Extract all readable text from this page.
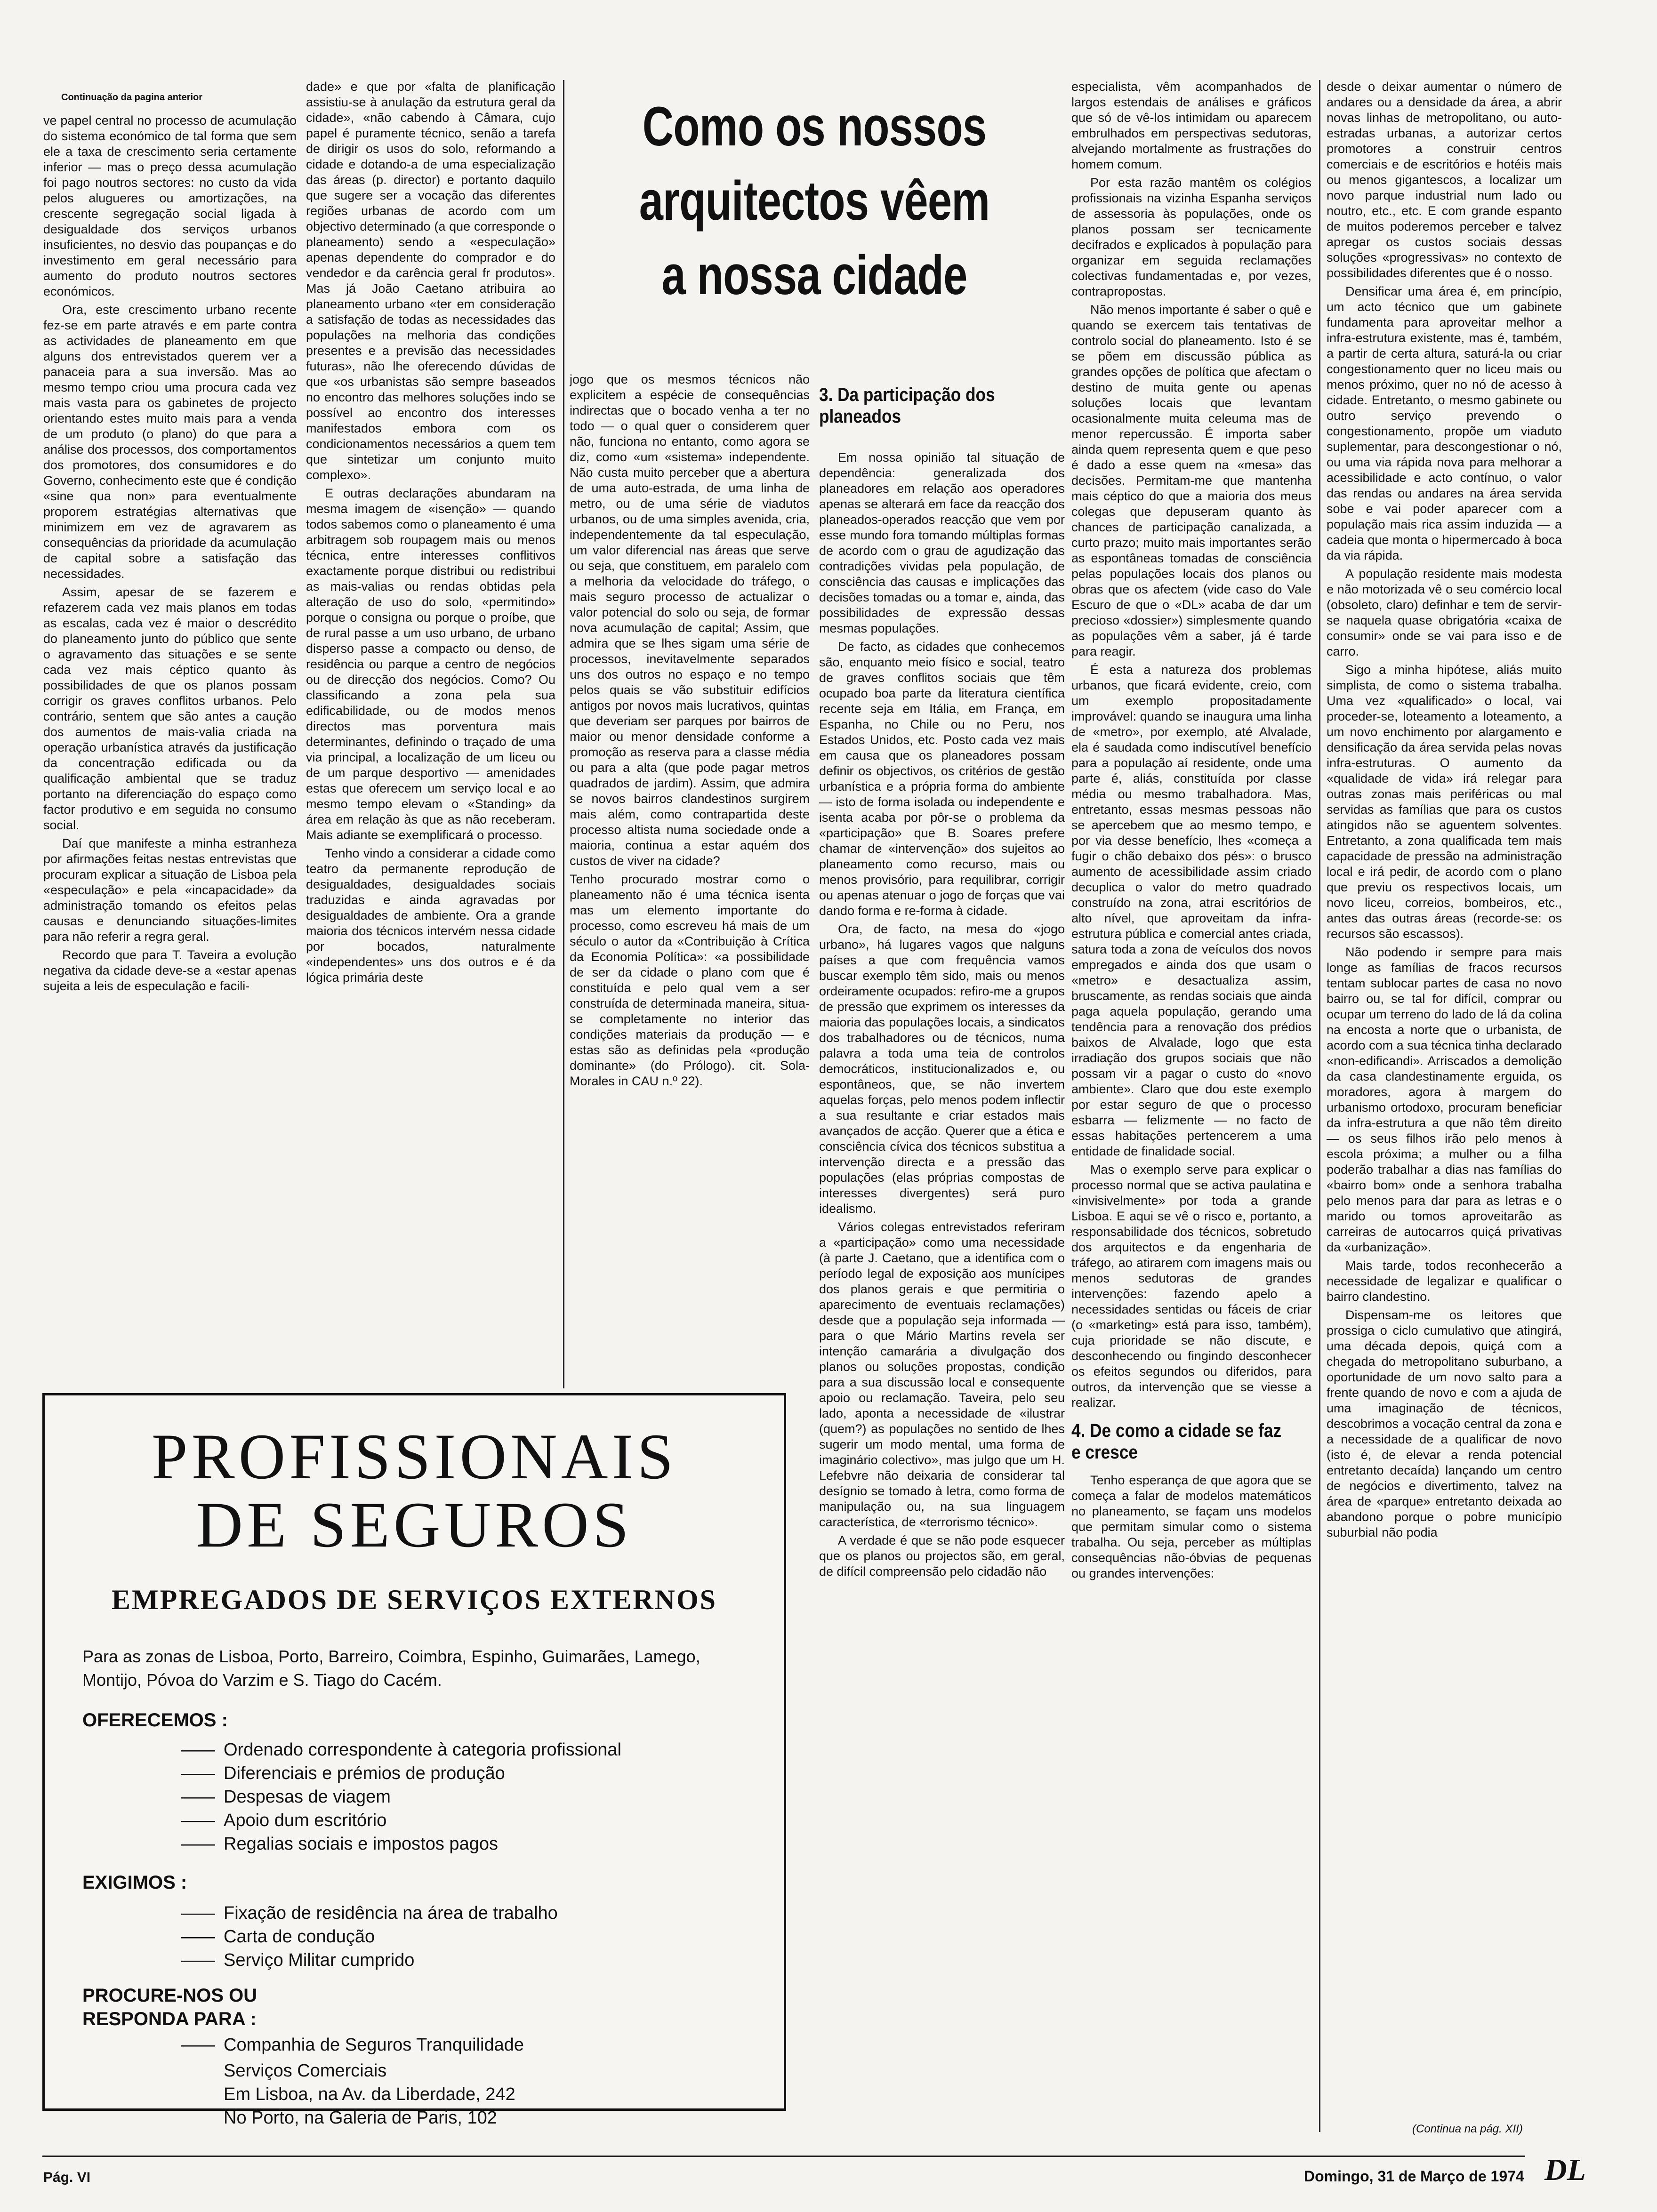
Continuação da pagina anterior

ve papel central no processo de acumulação do sistema económico de tal forma que sem ele a taxa de crescimento seria certamente inferior — mas o preço dessa acumulação foi pago noutros sectores: no custo da vida pelos alugueres ou amortizações, na crescente segregação social ligada à desigualdade dos serviços urbanos insuficientes, no desvio das poupanças e do investimento em geral necessário para aumento do produto noutros sectores económicos.

Ora, este crescimento urbano recente fez-se em parte através e em parte contra as actividades de planeamento em que alguns dos entrevistados querem ver a panaceia para a sua inversão. Mas ao mesmo tempo criou uma procura cada vez mais vasta para os gabinetes de projecto orientando estes muito mais para a venda de um produto (o plano) do que para a análise dos processos, dos comportamentos dos promotores, dos consumidores e do Governo, conhecimento este que é condição «sine qua non» para eventualmente proporem estratégias alternativas que minimizem em vez de agravarem as consequências da prioridade da acumulação de capital sobre a satisfação das necessidades.

Assim, apesar de se fazerem e refazerem cada vez mais planos em todas as escalas, cada vez é maior o descrédito do planeamento junto do público que sente o agravamento das situações e se sente cada vez mais céptico quanto às possibilidades de que os planos possam corrigir os graves conflitos urbanos. Pelo contrário, sentem que são antes a caução dos aumentos de mais-valia criada na operação urbanística através da justificação da concentração edificada ou da qualificação ambiental que se traduz portanto na diferenciação do espaço como factor produtivo e em seguida no consumo social.

Daí que manifeste a minha estranheza por afirmações feitas nestas entrevistas que procuram explicar a situação de Lisboa pela «especulação» e pela «incapacidade» da administração tomando os efeitos pelas causas e denunciando situações-limites para não referir a regra geral.

Recordo que para T. Taveira a evolução negativa da cidade deve-se a «estar apenas sujeita a leis de especulação e facili-

dade» e que por «falta de planificação assistiu-se à anulação da estrutura geral da cidade», «não cabendo à Câmara, cujo papel é puramente técnico, senão a tarefa de dirigir os usos do solo, reformando a cidade e dotando-a de uma especialização das áreas (p. director) e portanto daquilo que sugere ser a vocação das diferentes regiões urbanas de acordo com um objectivo determinado (a que corresponde o planeamento) sendo a «especulação» apenas dependente do comprador e do vendedor e da carência geral fr produtos». Mas já João Caetano atribuira ao planeamento urbano «ter em consideração a satisfação de todas as necessidades das populações na melhoria das condições presentes e a previsão das necessidades futuras», não lhe oferecendo dúvidas de que «os urbanistas são sempre baseados no encontro das melhores soluções indo se possível ao encontro dos interesses manifestados embora com os condicionamentos necessários a quem tem que sintetizar um conjunto muito complexo».

E outras declarações abundaram na mesma imagem de «isenção» — quando todos sabemos como o planeamento é uma arbitragem sob roupagem mais ou menos técnica, entre interesses conflitivos exactamente porque distribui ou redistribui as mais-valias ou rendas obtidas pela alteração de uso do solo, «permitindo» porque o consigna ou porque o proíbe, que de rural passe a um uso urbano, de urbano disperso passe a compacto ou denso, de residência ou parque a centro de negócios ou de direcção dos negócios. Como? Ou classificando a zona pela sua edificabilidade, ou de modos menos directos mas porventura mais determinantes, definindo o traçado de uma via principal, a localização de um liceu ou de um parque desportivo — amenidades estas que oferecem um serviço local e ao mesmo tempo elevam o «Standing» da área em relação às que as não receberam. Mais adiante se exemplificará o processo.

Tenho vindo a considerar a cidade como teatro da permanente reprodução de desigualdades, desigualdades sociais traduzidas e ainda agravadas por desigualdades de ambiente. Ora a grande maioria dos técnicos intervém nessa cidade por bocados, naturalmente «independentes» uns dos outros e é da lógica primária deste

Como os nossos arquitectos vêem a nossa cidade

jogo que os mesmos técnicos não explicitem a espécie de consequências indirectas que o bocado venha a ter no todo — o qual quer o considerem quer não, funciona no entanto, como agora se diz, como «um «sistema» independente. Não custa muito perceber que a abertura de uma auto-estrada, de uma linha de metro, ou de uma série de viadutos urbanos, ou de uma simples avenida, cria, independentemente da tal especulação, um valor diferencial nas áreas que serve ou seja, que constituem, em paralelo com a melhoria da velocidade do tráfego, o mais seguro processo de actualizar o valor potencial do solo ou seja, de formar nova acumulação de capital; Assim, que admira que se lhes sigam uma série de processos, inevitavelmente separados uns dos outros no espaço e no tempo pelos quais se vão substituir edifícios antigos por novos mais lucrativos, quintas que deveriam ser parques por bairros de maior ou menor densidade conforme a promoção as reserva para a classe média ou para a alta (que pode pagar metros quadrados de jardim). Assim, que admira se novos bairros clandestinos surgirem mais além, como contrapartida deste processo altista numa sociedade onde a maioria, continua a estar aquém dos custos de viver na cidade?

Tenho procurado mostrar como o planeamento não é uma técnica isenta mas um elemento importante do processo, como escreveu há mais de um século o autor da «Contribuição à Crítica da Economia Política»: «a possibilidade de ser da cidade o plano com que é constituída e pelo qual vem a ser construída de determinada maneira, situa-se completamente no interior das condições materiais da produção — e estas são as definidas pela «produção dominante» (do Prólogo). cit. Sola-Morales in CAU n.º 22).

3. Da participação dos planeados

Em nossa opinião tal situação de dependência: generalizada dos planeadores em relação aos operadores apenas se alterará em face da reacção dos planeados-operados reacção que vem por esse mundo fora tomando múltiplas formas de acordo com o grau de agudização das contradições vividas pela população, de consciência das causas e implicações das decisões tomadas ou a tomar e, ainda, das possibilidades de expressão dessas mesmas populações.

De facto, as cidades que conhecemos são, enquanto meio físico e social, teatro de graves conflitos sociais que têm ocupado boa parte da literatura científica recente seja em Itália, em França, em Espanha, no Chile ou no Peru, nos Estados Unidos, etc. Posto cada vez mais em causa que os planeadores possam definir os objectivos, os critérios de gestão urbanística e a própria forma do ambiente — isto de forma isolada ou independente e isenta acaba por pôr-se o problema da «participação» que B. Soares prefere chamar de «intervenção» dos sujeitos ao planeamento como recurso, mais ou menos provisório, para requilibrar, corrigir ou apenas atenuar o jogo de forças que vai dando forma e re-forma à cidade.

Ora, de facto, na mesa do «jogo urbano», há lugares vagos que nalguns países a que com frequência vamos buscar exemplo têm sido, mais ou menos ordeiramente ocupados: refiro-me a grupos de pressão que exprimem os interesses da maioria das populações locais, a sindicatos dos trabalhadores ou de técnicos, numa palavra a toda uma teia de controlos democráticos, institucionalizados e, ou espontâneos, que, se não invertem aquelas forças, pelo menos podem inflectir a sua resultante e criar estados mais avançados de acção. Querer que a ética e consciência cívica dos técnicos substitua a intervenção directa e a pressão das populações (elas próprias compostas de interesses divergentes) será puro idealismo.

Vários colegas entrevistados referiram a «participação» como uma necessidade (à parte J. Caetano, que a identifica com o período legal de exposição aos munícipes dos planos gerais e que permitiria o aparecimento de eventuais reclamações) desde que a população seja informada — para o que Mário Martins revela ser intenção camarária a divulgação dos planos ou soluções propostas, condição para a sua discussão local e consequente apoio ou reclamação. Taveira, pelo seu lado, aponta a necessidade de «ilustrar (quem?) as populações no sentido de lhes sugerir um modo mental, uma forma de imaginário colectivo», mas julgo que um H. Lefebvre não deixaria de considerar tal desígnio se tomado à letra, como forma de manipulação ou, na sua linguagem característica, de «terrorismo técnico».

A verdade é que se não pode esquecer que os planos ou projectos são, em geral, de difícil compreensão pelo cidadão não

especialista, vêm acompanhados de largos estendais de análises e gráficos que só de vê-los intimidam ou aparecem embrulhados em perspectivas sedutoras, alvejando mortalmente as frustrações do homem comum.

Por esta razão mantêm os colégios profissionais na vizinha Espanha serviços de assessoria às populações, onde os planos possam ser tecnicamente decifrados e explicados à população para organizar em seguida reclamações colectivas fundamentadas e, por vezes, contrapropostas.

Não menos importante é saber o quê e quando se exercem tais tentativas de controlo social do planeamento. Isto é se se põem em discussão pública as grandes opções de política que afectam o destino de muita gente ou apenas soluções locais que levantam ocasionalmente muita celeuma mas de menor repercussão. É importa saber ainda quem representa quem e que peso é dado a esse quem na «mesa» das decisões. Permitam-me que mantenha mais céptico do que a maioria dos meus colegas que depuseram quanto às chances de participação canalizada, a curto prazo; muito mais importantes serão as espontâneas tomadas de consciência pelas populações locais dos planos ou obras que os afectem (vide caso do Vale Escuro de que o «DL» acaba de dar um precioso «dossier») simplesmente quando as populações vêm a saber, já é tarde para reagir.

É esta a natureza dos problemas urbanos, que ficará evidente, creio, com um exemplo propositadamente improvável: quando se inaugura uma linha de «metro», por exemplo, até Alvalade, ela é saudada como indiscutível benefício para a população aí residente, onde uma parte é, aliás, constituída por classe média ou mesmo trabalhadora. Mas, entretanto, essas mesmas pessoas não se apercebem que ao mesmo tempo, e por via desse benefício, lhes «começa a fugir o chão debaixo dos pés»: o brusco aumento de acessibilidade assim criado decuplica o valor do metro quadrado construído na zona, atrai escritórios de alto nível, que aproveitam da infra-estrutura pública e comercial antes criada, satura toda a zona de veículos dos novos empregados e ainda dos que usam o «metro» e desactualiza assim, bruscamente, as rendas sociais que ainda paga aquela população, gerando uma tendência para a renovação dos prédios baixos de Alvalade, logo que esta irradiação dos grupos sociais que não possam vir a pagar o custo do «novo ambiente». Claro que dou este exemplo por estar seguro de que o processo esbarra — felizmente — no facto de essas habitações pertencerem a uma entidade de finalidade social.

Mas o exemplo serve para explicar o processo normal que se activa paulatina e «invisivelmente» por toda a grande Lisboa. E aqui se vê o risco e, portanto, a responsabilidade dos técnicos, sobretudo dos arquitectos e da engenharia de tráfego, ao atirarem com imagens mais ou menos sedutoras de grandes intervenções: fazendo apelo a necessidades sentidas ou fáceis de criar (o «marketing» está para isso, também), cuja prioridade se não discute, e desconhecendo ou fingindo desconhecer os efeitos segundos ou diferidos, para outros, da intervenção que se viesse a realizar.

4. De como a cidade se faz e cresce

Tenho esperança de que agora que se começa a falar de modelos matemáticos no planeamento, se façam uns modelos que permitam simular como o sistema trabalha. Ou seja, perceber as múltiplas consequências não-óbvias de pequenas ou grandes intervenções:

desde o deixar aumentar o número de andares ou a densidade da área, a abrir novas linhas de metropolitano, ou auto-estradas urbanas, a autorizar certos promotores a construir centros comerciais e de escritórios e hotéis mais ou menos gigantescos, a localizar um novo parque industrial num lado ou noutro, etc., etc. E com grande espanto de muitos poderemos perceber e talvez apregar os custos sociais dessas soluções «progressivas» no contexto de possibilidades diferentes que é o nosso.

Densificar uma área é, em princípio, um acto técnico que um gabinete fundamenta para aproveitar melhor a infra-estrutura existente, mas é, também, a partir de certa altura, saturá-la ou criar congestionamento quer no liceu mais ou menos próximo, quer no nó de acesso à cidade. Entretanto, o mesmo gabinete ou outro serviço prevendo o congestionamento, propõe um viaduto suplementar, para descongestionar o nó, ou uma via rápida nova para melhorar a acessibilidade e acto contínuo, o valor das rendas ou andares na área servida sobe e vai poder aparecer com a população mais rica assim induzida — a cadeia que monta o hipermercado à boca da via rápida.

A população residente mais modesta e não motorizada vê o seu comércio local (obsoleto, claro) definhar e tem de servir-se naquela quase obrigatória «caixa de consumir» onde se vai para isso e de carro.

Sigo a minha hipótese, aliás muito simplista, de como o sistema trabalha. Uma vez «qualificado» o local, vai proceder-se, loteamento a loteamento, a um novo enchimento por alargamento e densificação da área servida pelas novas infra-estruturas. O aumento da «qualidade de vida» irá relegar para outras zonas mais periféricas ou mal servidas as famílias que para os custos atingidos não se aguentem solventes. Entretanto, a zona qualificada tem mais capacidade de pressão na administração local e irá pedir, de acordo com o plano que previu os respectivos locais, um novo liceu, correios, bombeiros, etc., antes das outras áreas (recorde-se: os recursos são escassos).

Não podendo ir sempre para mais longe as famílias de fracos recursos tentam sublocar partes de casa no novo bairro ou, se tal for difícil, comprar ou ocupar um terreno do lado de lá da colina na encosta a norte que o urbanista, de acordo com a sua técnica tinha declarado «non-edificandi». Arriscados a demolição da casa clandestinamente erguida, os moradores, agora à margem do urbanismo ortodoxo, procuram beneficiar da infra-estrutura a que não têm direito — os seus filhos irão pelo menos à escola próxima; a mulher ou a filha poderão trabalhar a dias nas famílias do «bairro bom» onde a senhora trabalha pelo menos para dar para as letras e o marido ou tomos aproveitarão as carreiras de autocarros quiçá privativas da «urbanização».

Mais tarde, todos reconhecerão a necessidade de legalizar e qualificar o bairro clandestino.

Dispensam-me os leitores que prossiga o ciclo cumulativo que atingirá, uma década depois, quiçá com a chegada do metropolitano suburbano, a oportunidade de um novo salto para a frente quando de novo e com a ajuda de uma imaginação de técnicos, descobrimos a vocação central da zona e a necessidade de a qualificar de novo (isto é, de elevar a renda potencial entretanto decaída) lançando um centro de negócios e divertimento, talvez na área de «parque» entretanto deixada ao abandono porque o pobre município suburbial não podia

(Continua na pág. XII)
PROFISSIONAIS
DE SEGUROS
EMPREGADOS DE SERVIÇOS EXTERNOS
Para as zonas de Lisboa, Porto, Barreiro, Coimbra, Espinho, Guimarães, Lamego, Montijo, Póvoa do Varzim e S. Tiago do Cacém.
OFERECEMOS :
—— Ordenado correspondente à categoria profissional
—— Diferenciais e prémios de produção
—— Despesas de viagem
—— Apoio dum escritório
—— Regalias sociais e impostos pagos
EXIGIMOS :
—— Fixação de residência na área de trabalho
—— Carta de condução
—— Serviço Militar cumprido
PROCURE-NOS OU
RESPONDA PARA :
—— Companhia de Seguros Tranquilidade
Serviços Comerciais
Em Lisboa, na Av. da Liberdade, 242
No Porto, na Galeria de Paris, 102
Pág. VI	Domingo, 31 de Março de 1974 DL
